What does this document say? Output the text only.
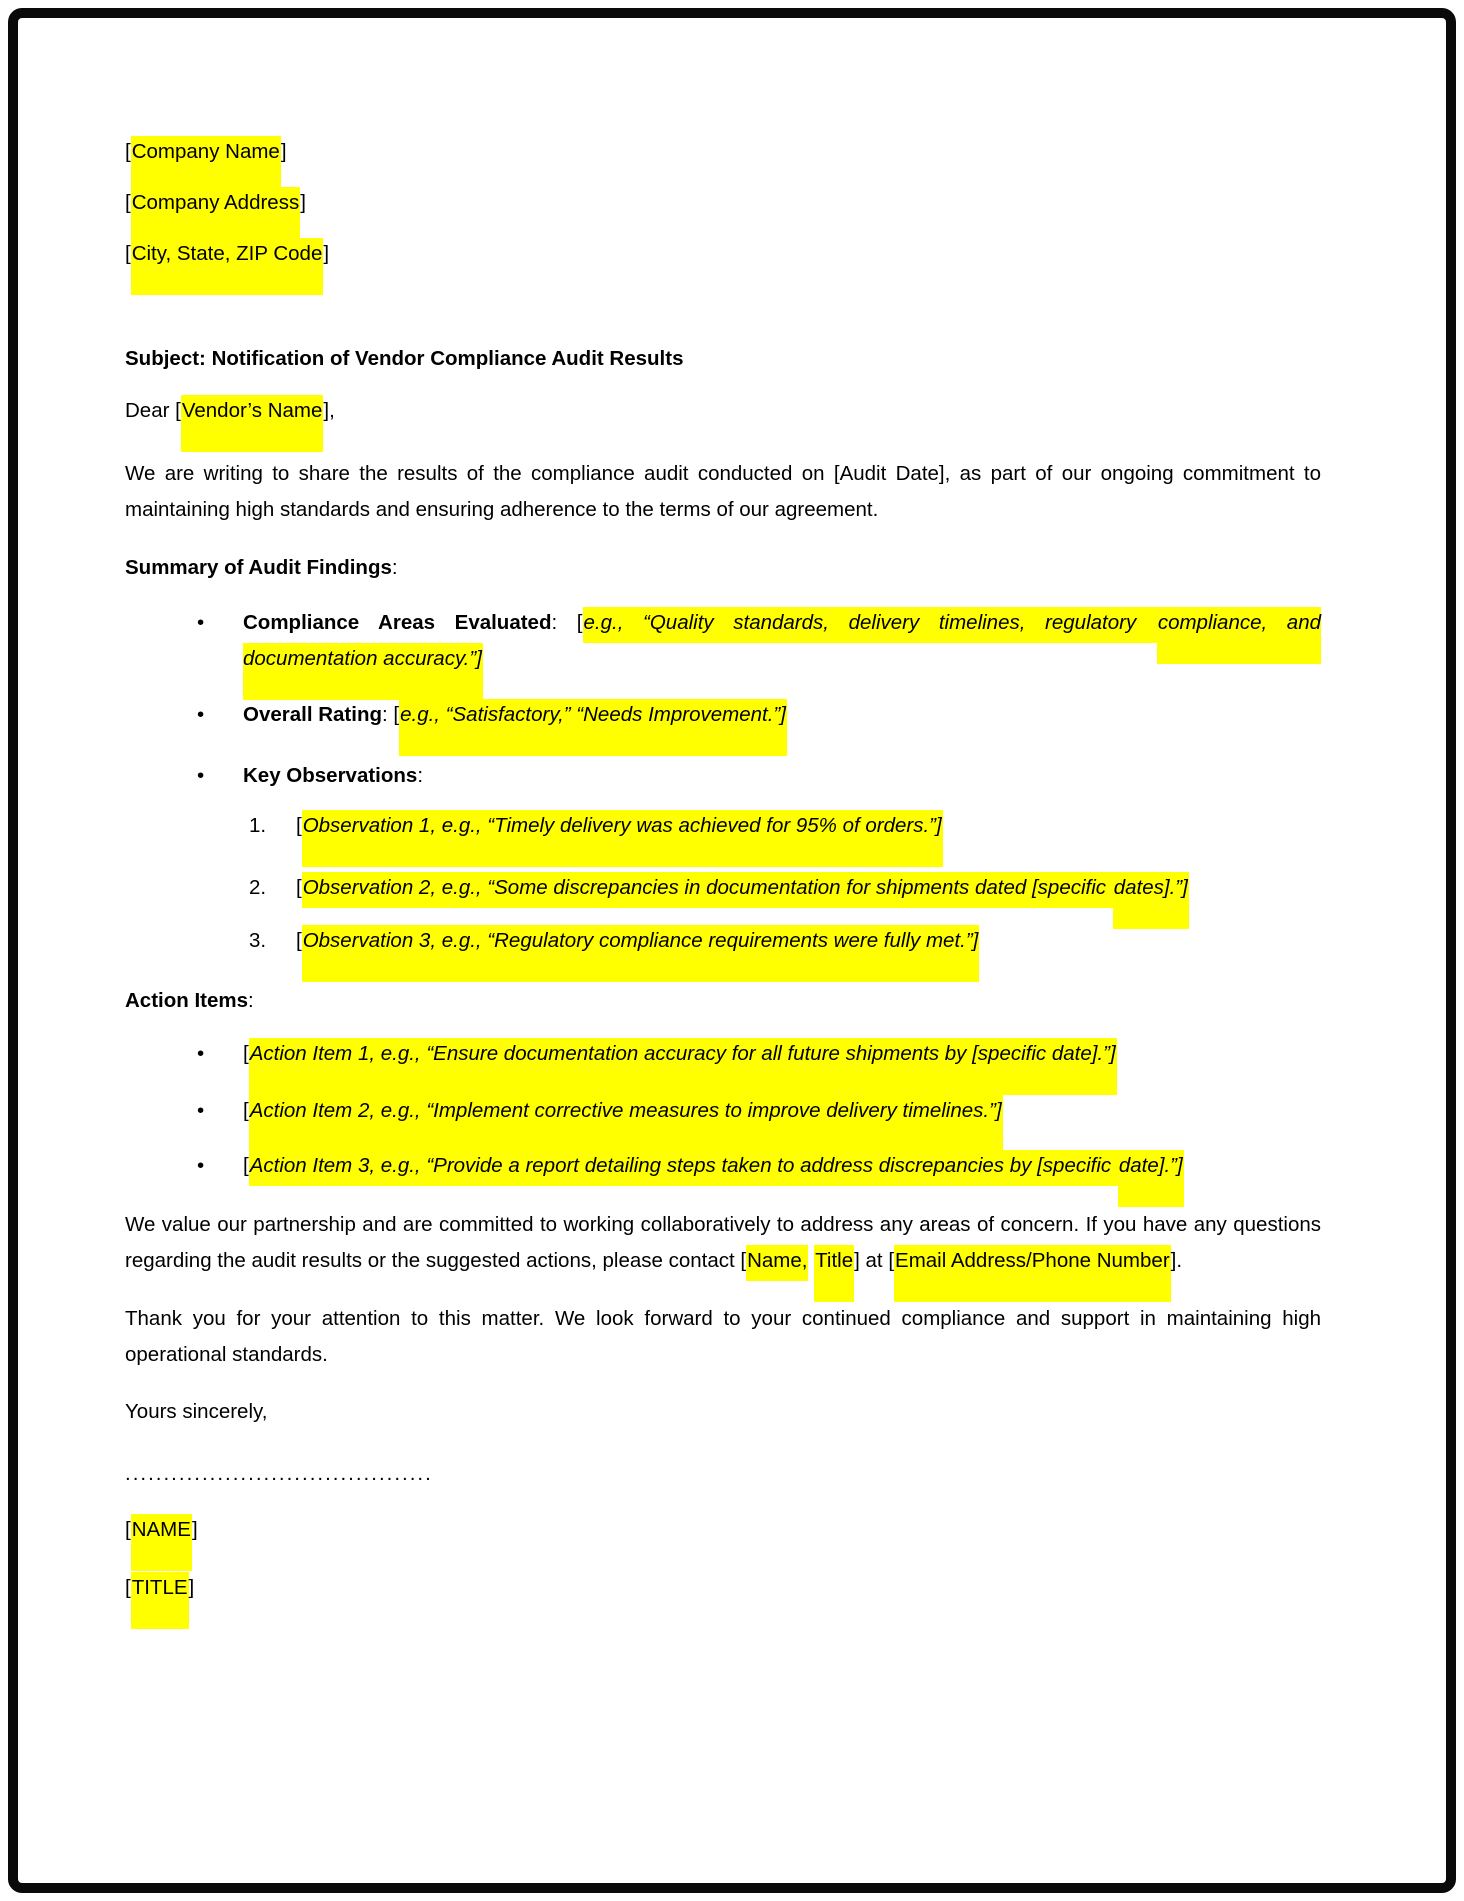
[Company Name]
[Company Address]
[City, State, ZIP Code]
Subject: Notification of Vendor Compliance Audit Results
Dear [Vendor’s Name],
We are writing to share the results of the compliance audit conducted on [Audit Date], as part of our ongoing commitment to maintaining high standards and ensuring adherence to the terms of our agreement.
Summary of Audit Findings:
• Compliance Areas Evaluated: [e.g., “Quality standards, delivery timelines, regulatory compliance, and documentation accuracy.”]
• Overall Rating: [e.g., “Satisfactory,” “Needs Improvement.”]
• Key Observations:
1. [Observation 1, e.g., “Timely delivery was achieved for 95% of orders.”]
2. [Observation 2, e.g., “Some discrepancies in documentation for shipments dated [specific dates].”]
3. [Observation 3, e.g., “Regulatory compliance requirements were fully met.”]
Action Items:
• [Action Item 1, e.g., “Ensure documentation accuracy for all future shipments by [specific date].”]
• [Action Item 2, e.g., “Implement corrective measures to improve delivery timelines.”]
• [Action Item 3, e.g., “Provide a report detailing steps taken to address discrepancies by [specific date].”]
We value our partnership and are committed to working collaboratively to address any areas of concern. If you have any questions regarding the audit results or the suggested actions, please contact [Name, Title] at [Email Address/Phone Number].
Thank you for your attention to this matter. We look forward to your continued compliance and support in maintaining high operational standards.
Yours sincerely,
........................................
[NAME]
[TITLE]
